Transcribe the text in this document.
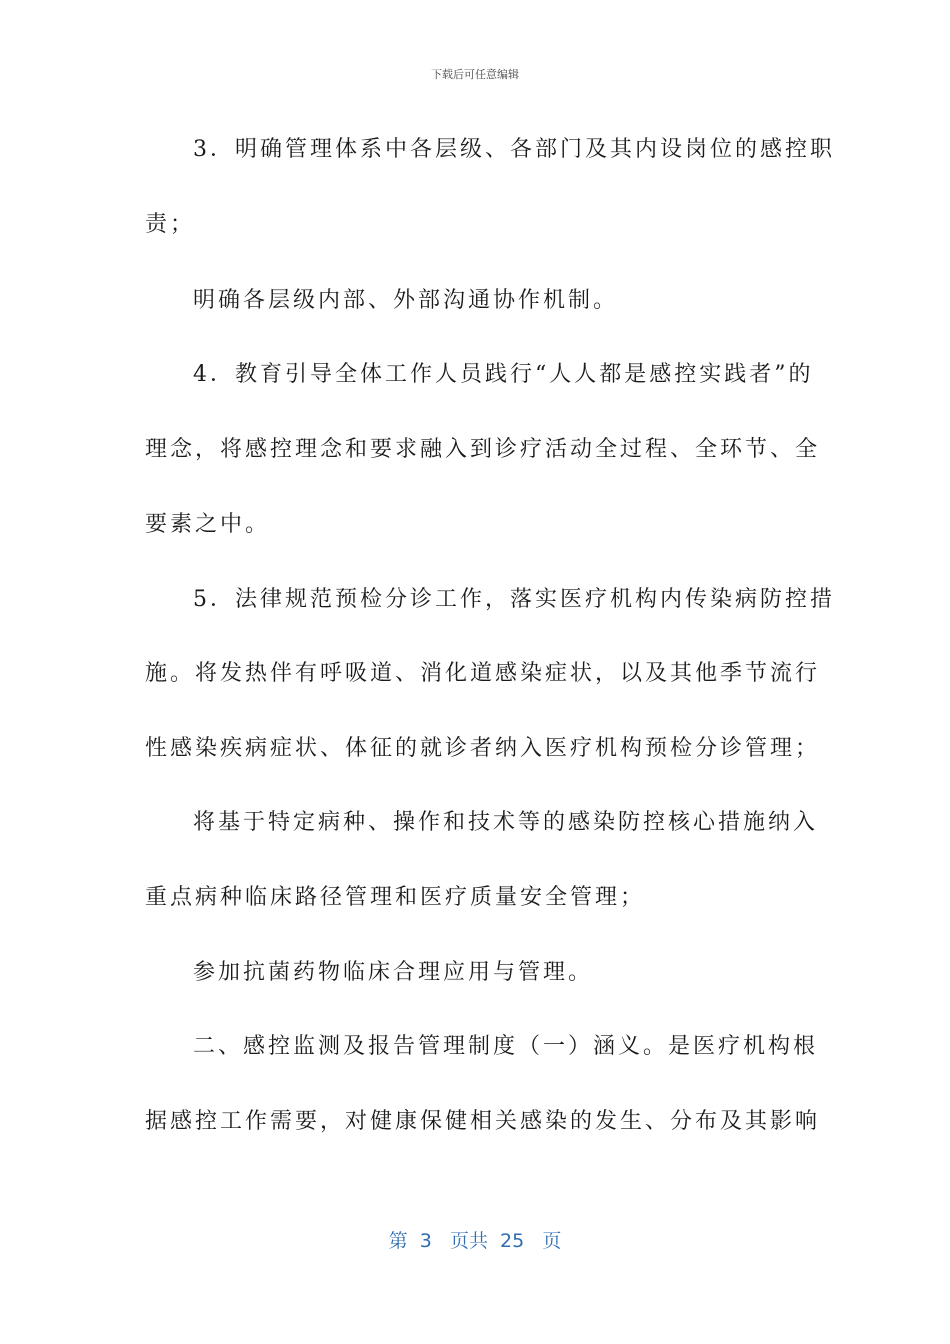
下载后可任意编辑
3．明确管理体系中各层级、各部门及其内设岗位的感控职
责；
明确各层级内部、外部沟通协作机制。
4．教育引导全体工作人员践行“人人都是感控实践者”的
理念，将感控理念和要求融入到诊疗活动全过程、全环节、全
要素之中。
5．法律规范预检分诊工作，落实医疗机构内传染病防控措
施。将发热伴有呼吸道、消化道感染症状，以及其他季节流行
性感染疾病症状、体征的就诊者纳入医疗机构预检分诊管理；
将基于特定病种、操作和技术等的感染防控核心措施纳入
重点病种临床路径管理和医疗质量安全管理；
参加抗菌药物临床合理应用与管理。
二、感控监测及报告管理制度（一）涵义。是医疗机构根
据感控工作需要，对健康保健相关感染的发生、分布及其影响
第  3   页共  25   页
